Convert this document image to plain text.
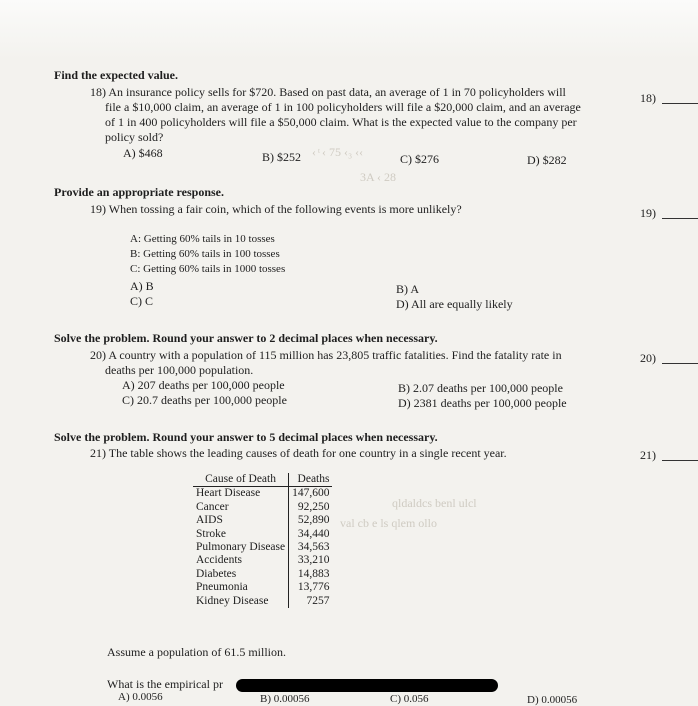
‹ ͭ ‹ 75 ‹₃ ‹‹
3A ‹ 28
qldaldcs benl ulcl
val cb e ls qlem ollo
Find the expected value.
18) An insurance policy sells for $720. Based on past data, an average of 1 in 70 policyholders will
file a $10,000 claim, an average of 1 in 100 policyholders will file a $20,000 claim, and an average
of 1 in 400 policyholders will file a $50,000 claim. What is the expected value to the company per
policy sold?
A) $468	B) $252	C) $276	D) $282
18)
Provide an appropriate response.
19) When tossing a fair coin, which of the following events is more unlikely?
A: Getting 60% tails in 10 tosses
B: Getting 60% tails in 100 tosses
C: Getting 60% tails in 1000 tosses
A) B
C) C
B) A
D) All are equally likely
19)
Solve the problem. Round your answer to 2 decimal places when necessary.
20) A country with a population of 115 million has 23,805 traffic fatalities. Find the fatality rate in
deaths per 100,000 population.
A) 207 deaths per 100,000 people
C) 20.7 deaths per 100,000 people
B) 2.07 deaths per 100,000 people
D) 2381 deaths per 100,000 people
20)
Solve the problem. Round your answer to 5 decimal places when necessary.
21) The table shows the leading causes of death for one country in a single recent year.	21)
Cause of Death	Deaths
Heart Disease	147,600
Cancer	92,250
AIDS	52,890
Stroke	34,440
Pulmonary Disease	34,563
Accidents	33,210
Diabetes	14,883
Pneumonia	13,776
Kidney Disease	7257
Assume a population of 61.5 million.
What is the empirical pr
A) 0.0056	B) 0.00056	C) 0.056	D) 0.00056
